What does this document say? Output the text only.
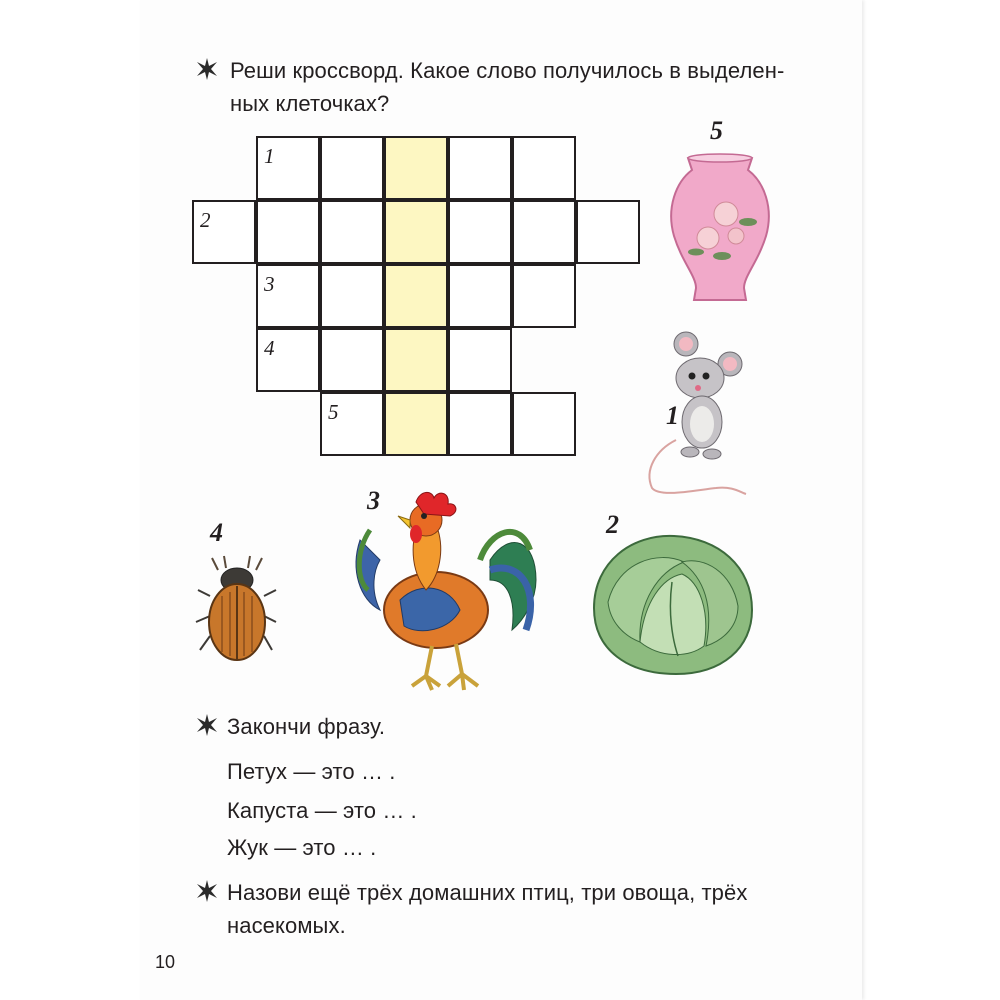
Реши кроссворд. Какое слово получилось в выделен-
ных клеточках?
1
2
3
4
5
5
1
3
2
4
Закончи фразу.
Петух — это … .
Капуста — это … .
Жук — это … .
Назови ещё трёх домашних птиц, три овоща, трёх
насекомых.
10
